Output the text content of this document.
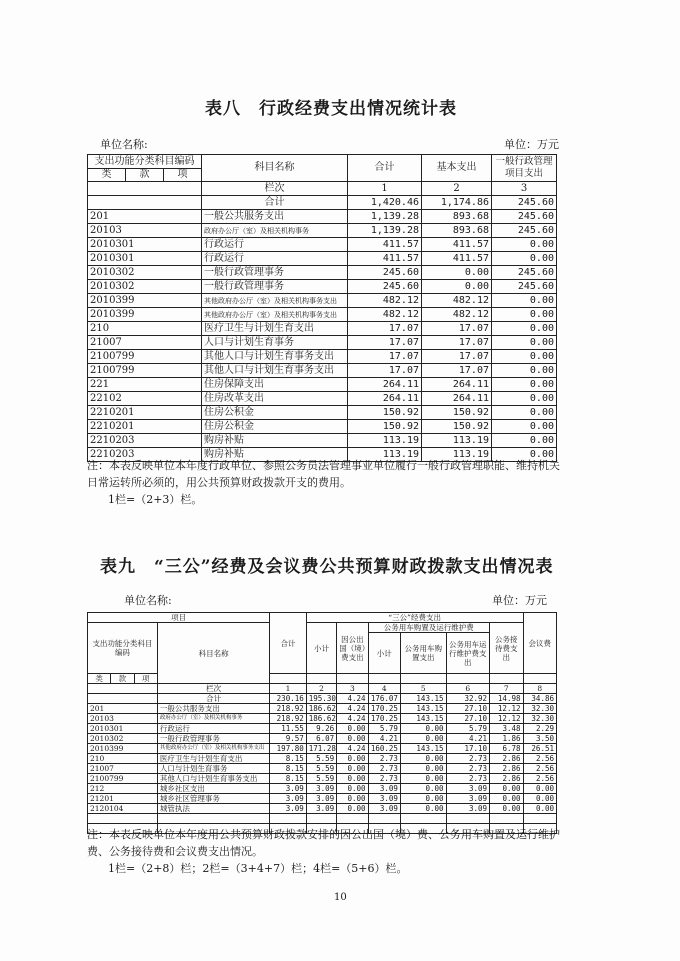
表八　行政经费支出情况统计表
单位名称:	单位：万元
支出功能分类科目编码
类 款 项	科目名称	合计	基本支出	一般行政管理项目支出
	栏次	1	2	3
	合计	1,420.46	1,174.86	245.60
201	一般公共服务支出	1,139.28	893.68	245.60
20103	政府办公厅（室）及相关机构事务	1,139.28	893.68	245.60
2010301	行政运行	411.57	411.57	0.00
2010301	行政运行	411.57	411.57	0.00
2010302	一般行政管理事务	245.60	0.00	245.60
2010302	一般行政管理事务	245.60	0.00	245.60
2010399	其他政府办公厅（室）及相关机构事务支出	482.12	482.12	0.00
2010399	其他政府办公厅（室）及相关机构事务支出	482.12	482.12	0.00
210	医疗卫生与计划生育支出	17.07	17.07	0.00
21007	人口与计划生育事务	17.07	17.07	0.00
2100799	其他人口与计划生育事务支出	17.07	17.07	0.00
2100799	其他人口与计划生育事务支出	17.07	17.07	0.00
221	住房保障支出	264.11	264.11	0.00
22102	住房改革支出	264.11	264.11	0.00
2210201	住房公积金	150.92	150.92	0.00
2210201	住房公积金	150.92	150.92	0.00
2210203	购房补贴	113.19	113.19	0.00
2210203	购房补贴	113.19	113.19	0.00
注：本表反映单位本年度行政单位、参照公务员法管理事业单位履行一般行政管理职能、维持机关日常运转所必须的，用公共预算财政拨款开支的费用。
1栏=（2+3）栏。
表九　“三公”经费及会议费公共预算财政拨款支出情况表
单位名称:	单位：万元
项目				合计	“三公”经费支出						会议费
支出功能分类科目编码			科目名称		小计	因公出国（境）费支出	公务用车购置及运行维护费			公务接待费支出	
							小计	公务用车购置支出	公务用车运行维护费支出		

类	款	项									
			栏次	1	2	3	4	5	6	7	8
			合计	230.16	195.30	4.24	176.07	143.15	32.92	14.98	34.86
201			一般公共服务支出	218.92	186.62	4.24	170.25	143.15	27.10	12.12	32.30
20103			政府办公厅（室）及相关机构事务	218.92	186.62	4.24	170.25	143.15	27.10	12.12	32.30
2010301			行政运行	11.55	9.26	0.00	5.79	0.00	5.79	3.48	2.29
2010302			一般行政管理事务	9.57	6.07	0.00	4.21	0.00	4.21	1.86	3.50
2010399			其他政府办公厅（室）及相关机构事务支出	197.80	171.28	4.24	160.25	143.15	17.10	6.78	26.51
210			医疗卫生与计划生育支出	8.15	5.59	0.00	2.73	0.00	2.73	2.86	2.56
21007			人口与计划生育事务	8.15	5.59	0.00	2.73	0.00	2.73	2.86	2.56
2100799			其他人口与计划生育事务支出	8.15	5.59	0.00	2.73	0.00	2.73	2.86	2.56
212			城乡社区支出	3.09	3.09	0.00	3.09	0.00	3.09	0.00	0.00
21201			城乡社区管理事务	3.09	3.09	0.00	3.09	0.00	3.09	0.00	0.00
2120104			城管执法	3.09	3.09	0.00	3.09	0.00	3.09	0.00	0.00

注：本表反映单位本年度用公共预算财政拨款安排的因公出国（境）费、公务用车购置及运行维护费、公务接待费和会议费支出情况。
1栏=（2+8）栏；2栏=（3+4+7）栏；4栏=（5+6）栏。
10
